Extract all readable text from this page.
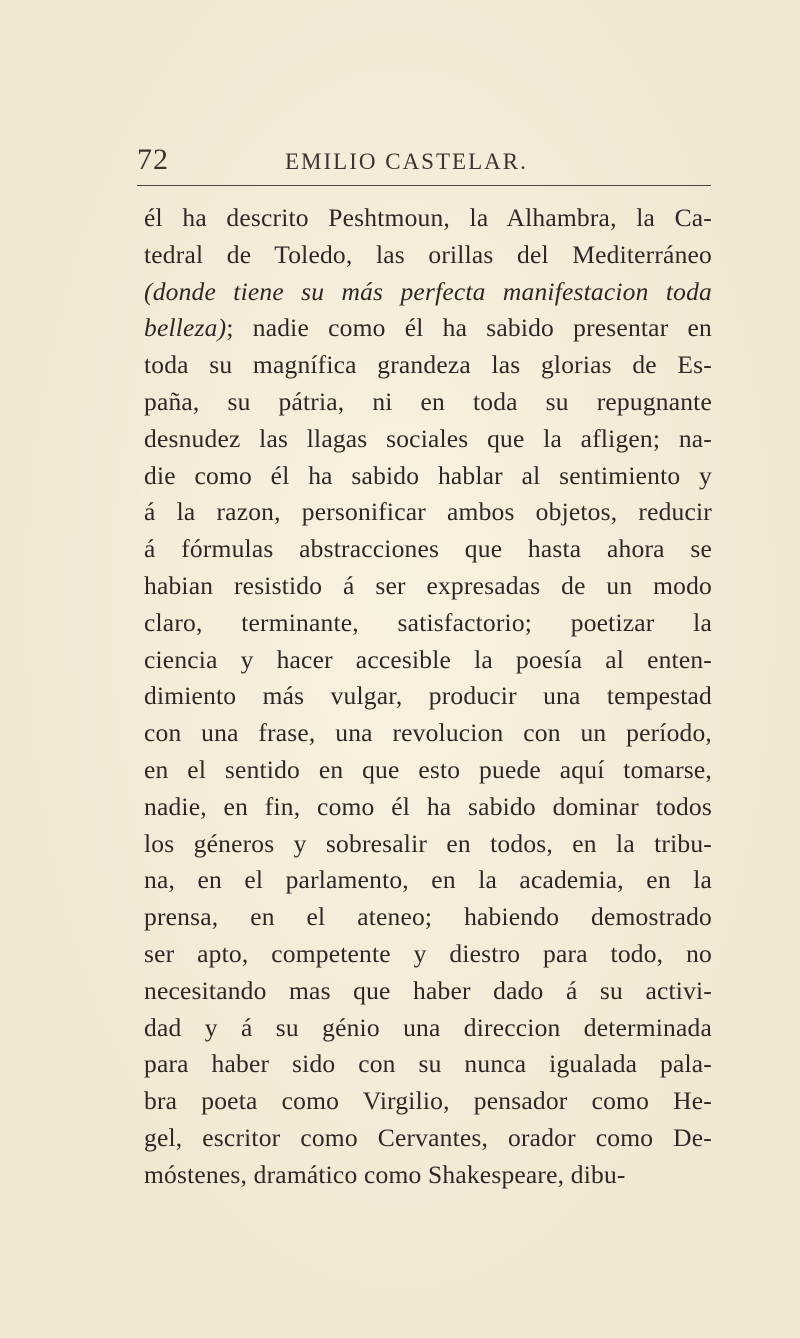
72	EMILIO CASTELAR.
él ha descrito Peshtmoun, la Alhambra, la Ca-
tedral de Toledo, las orillas del Mediterráneo
(donde tiene su más perfecta manifestacion toda
belleza); nadie como él ha sabido presentar en
toda su magnífica grandeza las glorias de Es-
paña, su pátria, ni en toda su repugnante
desnudez las llagas sociales que la afligen; na-
die como él ha sabido hablar al sentimiento y
á la razon, personificar ambos objetos, reducir
á fórmulas abstracciones que hasta ahora se
habian resistido á ser expresadas de un modo
claro, terminante, satisfactorio; poetizar la
ciencia y hacer accesible la poesía al enten-
dimiento más vulgar, producir una tempestad
con una frase, una revolucion con un período,
en el sentido en que esto puede aquí tomarse,
nadie, en fin, como él ha sabido dominar todos
los géneros y sobresalir en todos, en la tribu-
na, en el parlamento, en la academia, en la
prensa, en el ateneo; habiendo demostrado
ser apto, competente y diestro para todo, no
necesitando mas que haber dado á su activi-
dad y á su génio una direccion determinada
para haber sido con su nunca igualada pala-
bra poeta como Virgilio, pensador como He-
gel, escritor como Cervantes, orador como De-
móstenes, dramático como Shakespeare, dibu-
